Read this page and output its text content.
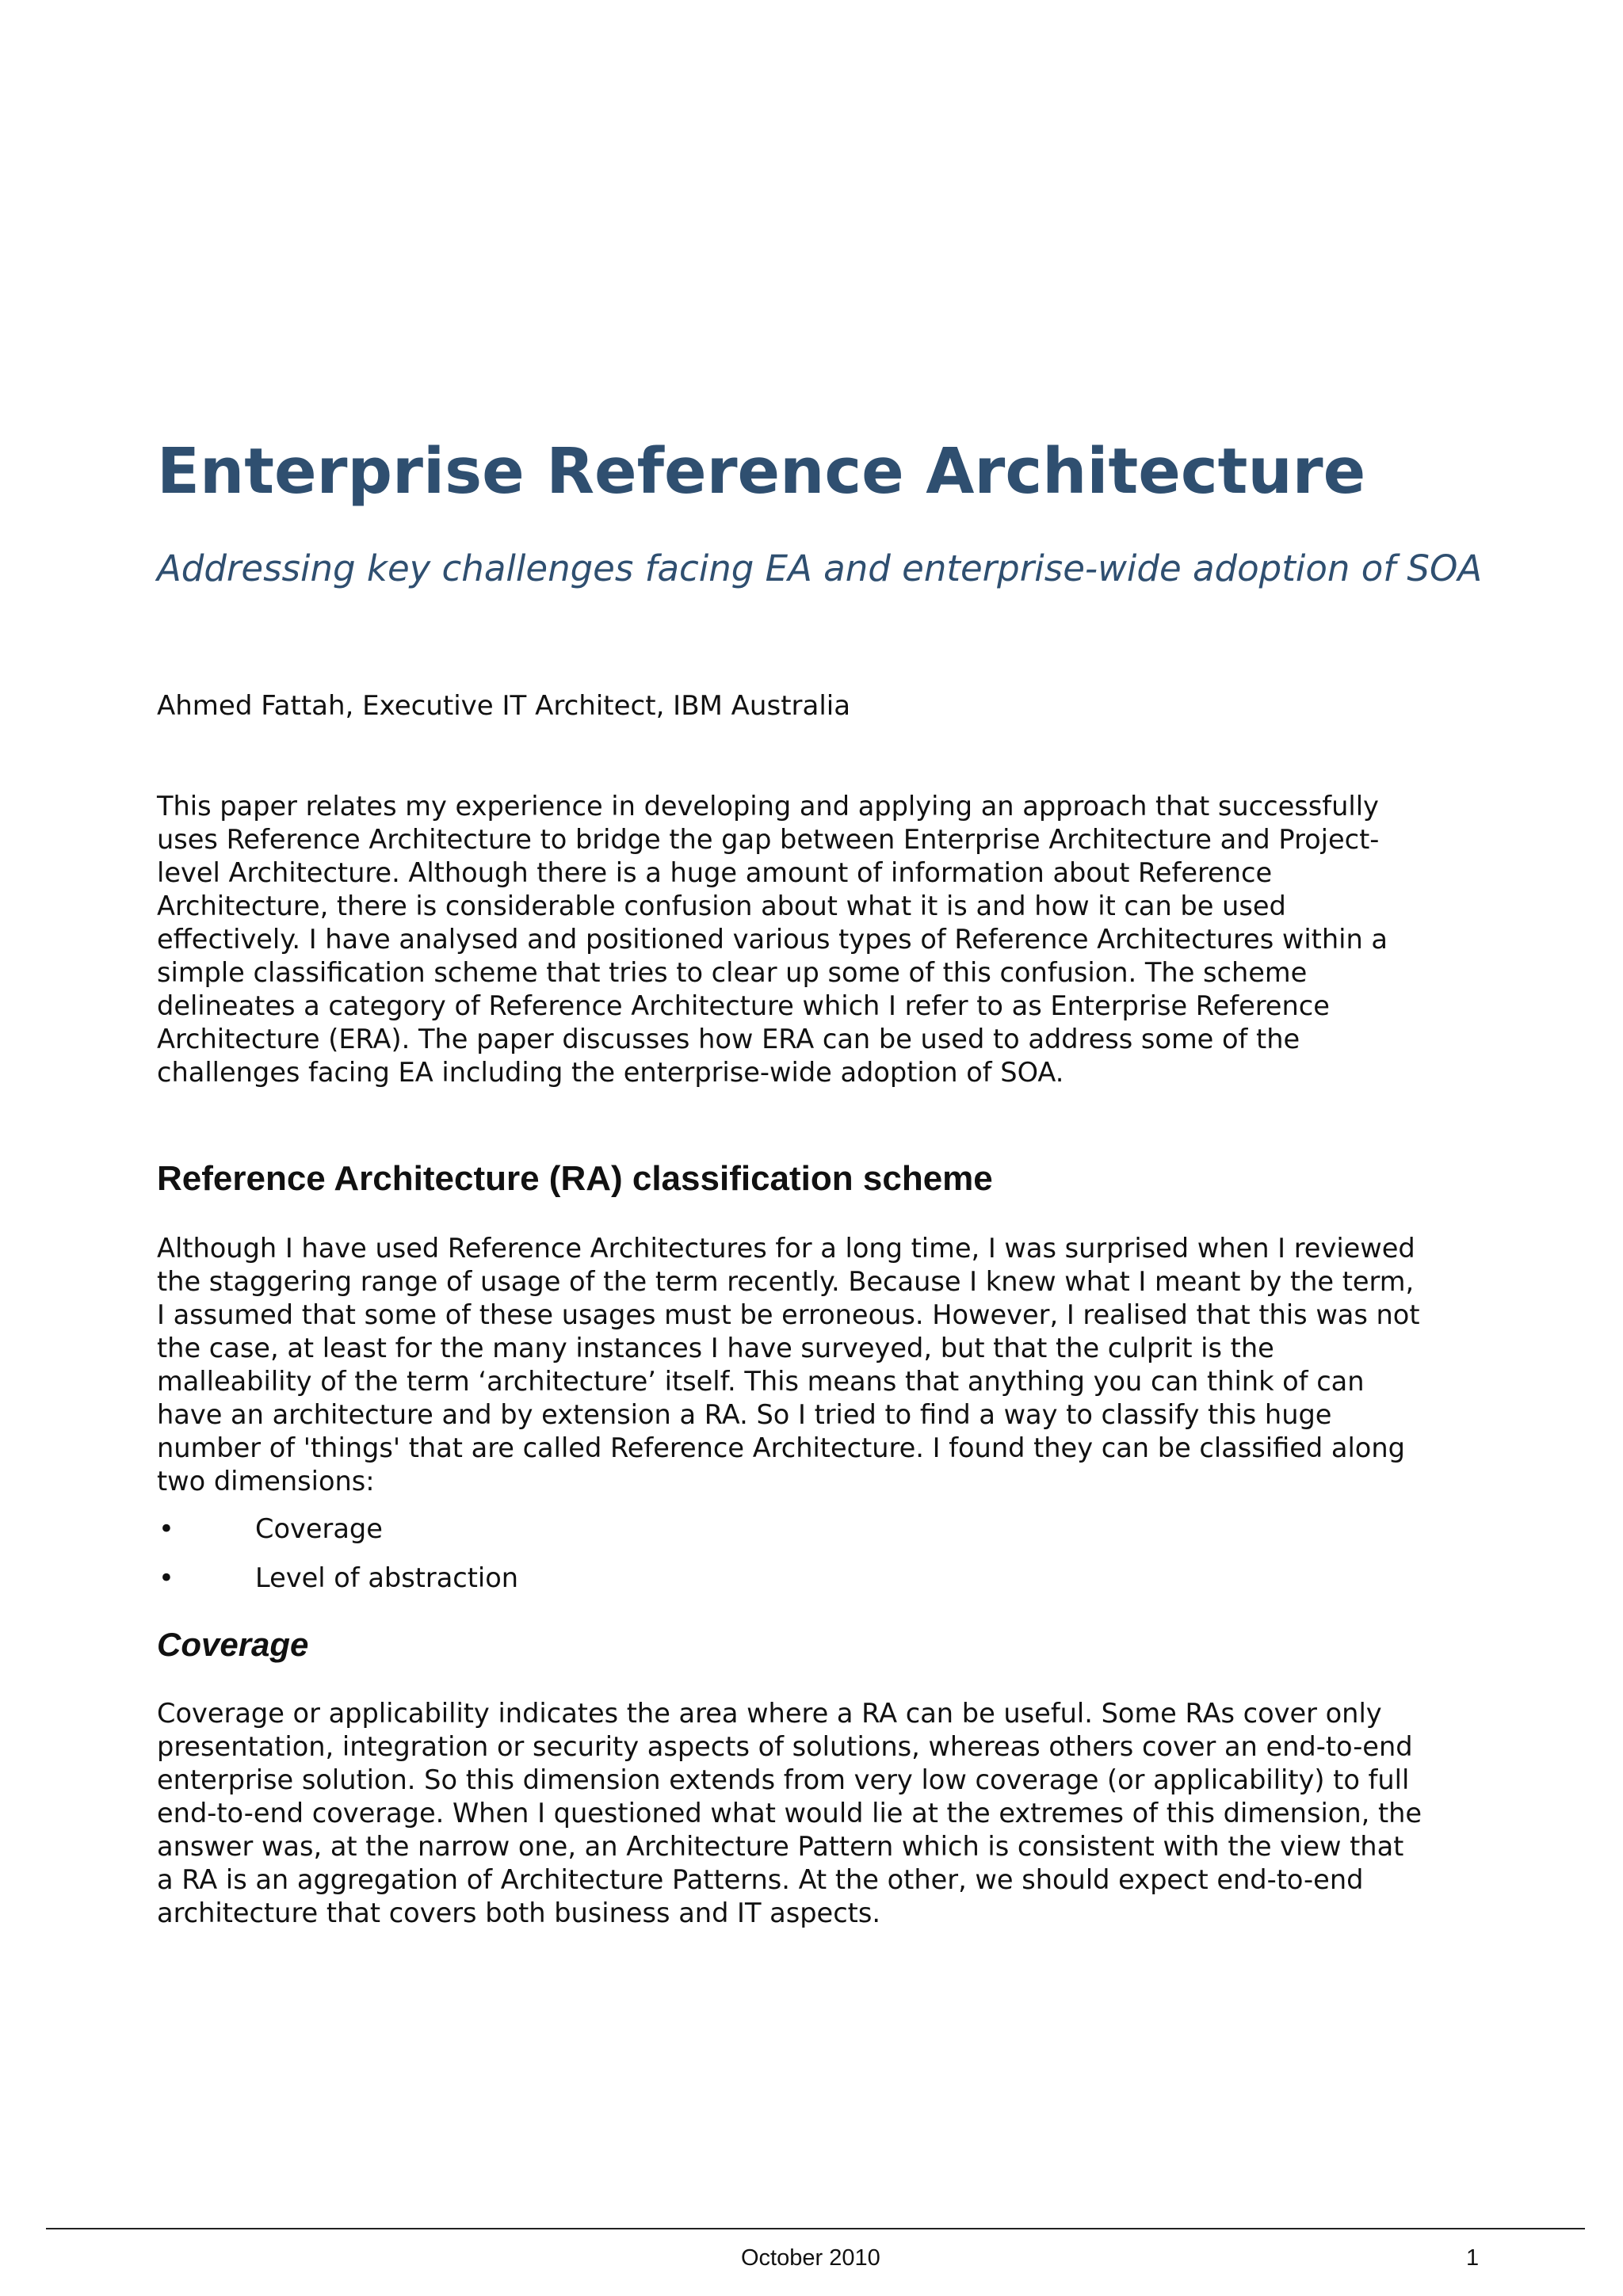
Enterprise Reference Architecture

Addressing key challenges facing EA and enterprise-wide adoption of SOA

Ahmed Fattah, Executive IT Architect, IBM Australia

This paper relates my experience in developing and applying an approach that successfully
uses Reference Architecture to bridge the gap between Enterprise Architecture and Project-
level Architecture. Although there is a huge amount of information about Reference
Architecture, there is considerable confusion about what it is and how it can be used
effectively. I have analysed and positioned various types of Reference Architectures within a
simple classification scheme that tries to clear up some of this confusion. The scheme
delineates a category of Reference Architecture which I refer to as Enterprise Reference
Architecture (ERA). The paper discusses how ERA can be used to address some of the
challenges facing EA including the enterprise-wide adoption of SOA.
Reference Architecture (RA) classification scheme
Although I have used Reference Architectures for a long time, I was surprised when I reviewed
the staggering range of usage of the term recently. Because I knew what I meant by the term,
I assumed that some of these usages must be erroneous. However, I realised that this was not
the case, at least for the many instances I have surveyed, but that the culprit is the
malleability of the term ‘architecture’ itself. This means that anything you can think of can
have an architecture and by extension a RA. So I tried to find a way to classify this huge
number of 'things' that are called Reference Architecture. I found they can be classified along
two dimensions:
•	Coverage
•	Level of abstraction
Coverage
Coverage or applicability indicates the area where a RA can be useful. Some RAs cover only
presentation, integration or security aspects of solutions, whereas others cover an end-to-end
enterprise solution. So this dimension extends from very low coverage (or applicability) to full
end-to-end coverage. When I questioned what would lie at the extremes of this dimension, the
answer was, at the narrow one, an Architecture Pattern which is consistent with the view that
a RA is an aggregation of Architecture Patterns. At the other, we should expect end-to-end
architecture that covers both business and IT aspects.
October 2010	1
